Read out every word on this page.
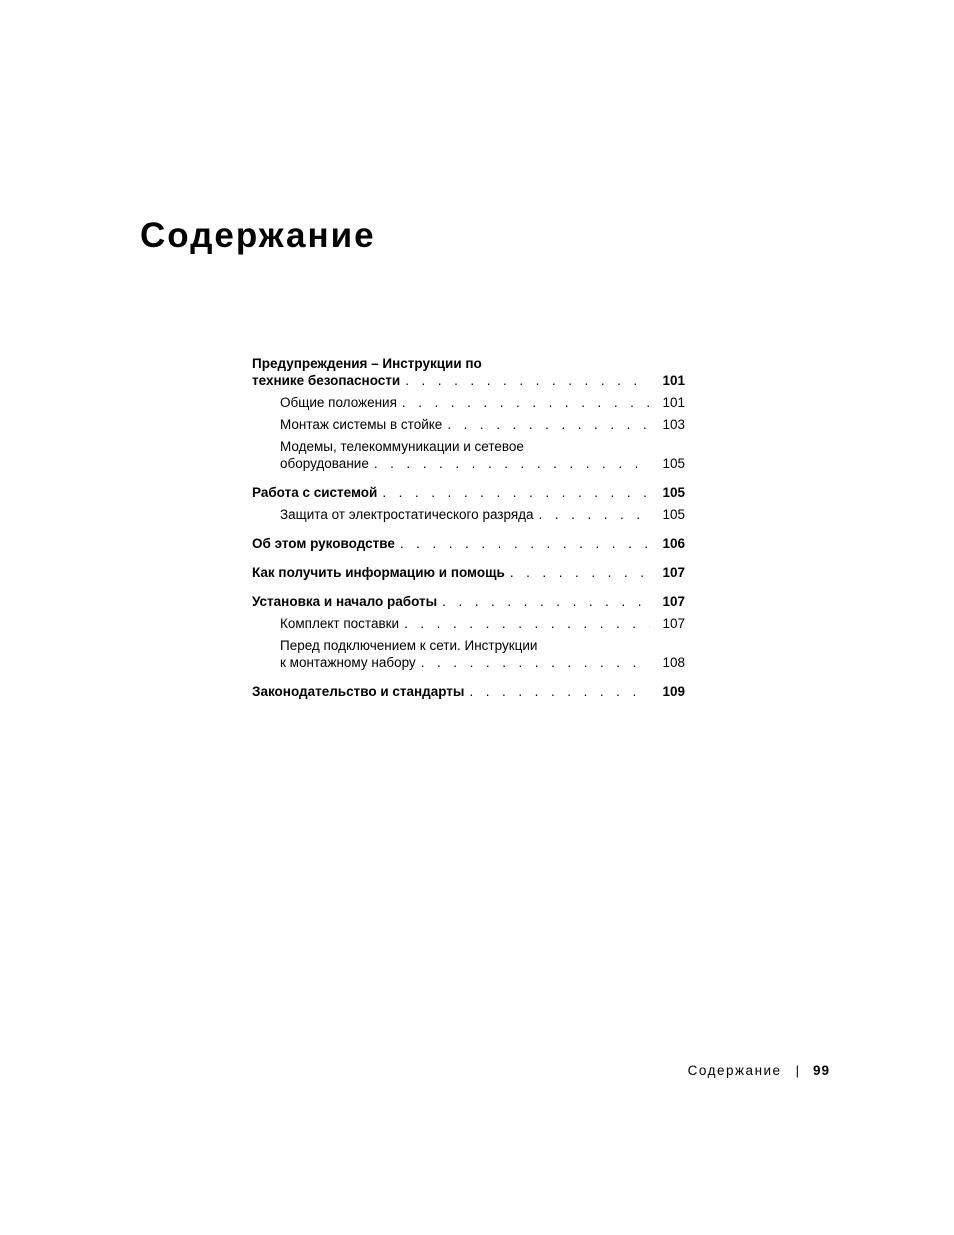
Содержание
Предупреждения – Инструкции по
технике безопасности . . .	101
Общие положения . . .	101
Монтаж системы в стойке . . .	103
Модемы, телекоммуникации и сетевое
оборудование . . .	105
Работа с системой . . .	105
Защита от электростатического разряда . . .	105
Об этом руководстве . . .	106
Как получить информацию и помощь . . .	107
Установка и начало работы . . .	107
Комплект поставки . . .	107
Перед подключением к сети. Инструкции
к монтажному набору . . .	108
Законодательство и стандарты . . .	109
Содержание | 99
